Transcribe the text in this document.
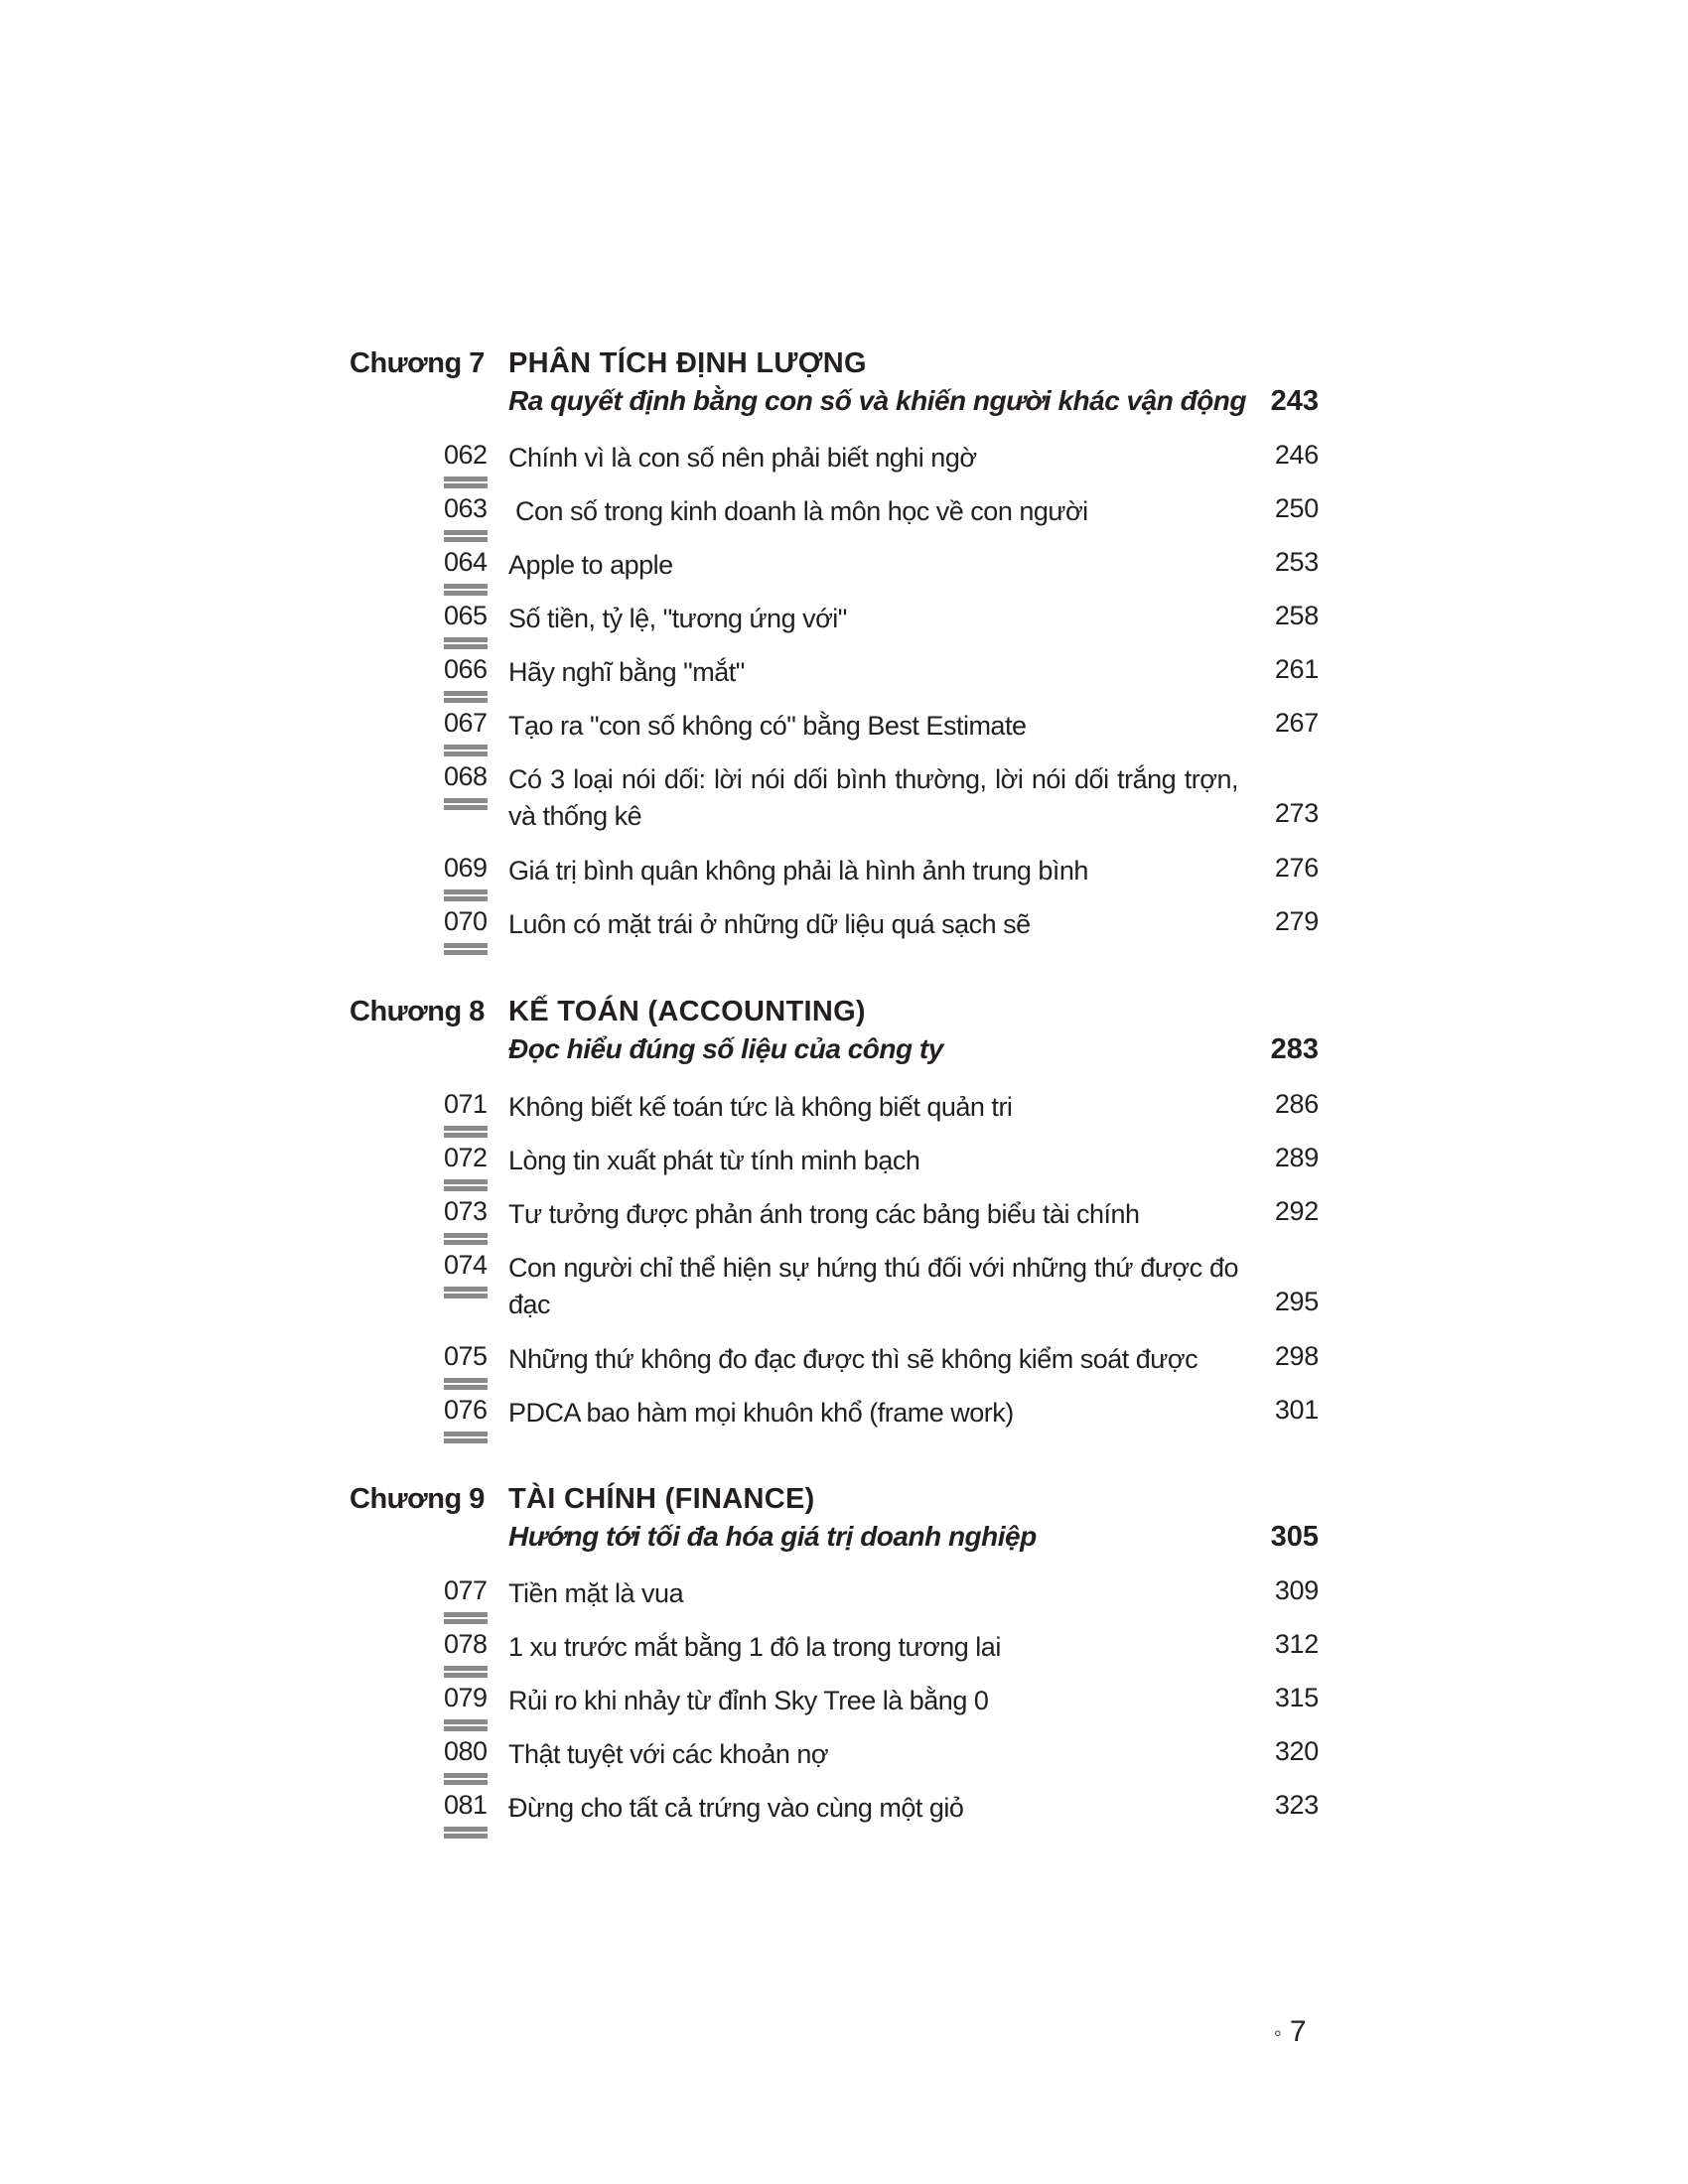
Chương 7 PHÂN TÍCH ĐỊNH LƯỢNG
Ra quyết định bằng con số và khiến người khác vận động 243
062 Chính vì là con số nên phải biết nghi ngờ	246
063 Con số trong kinh doanh là môn học về con người	250
064 Apple to apple	253
065 Số tiền, tỷ lệ, "tương ứng với"	258
066 Hãy nghĩ bằng "mắt"	261
067 Tạo ra "con số không có" bằng Best Estimate	267
068 Có 3 loại nói dối: lời nói dối bình thường, lời nói dối trắng trợn, và thống kê	273
069 Giá trị bình quân không phải là hình ảnh trung bình	276
070 Luôn có mặt trái ở những dữ liệu quá sạch sẽ	279
Chương 8 KẾ TOÁN (ACCOUNTING)
Đọc hiểu đúng số liệu của công ty	283
071 Không biết kế toán tức là không biết quản tri	286
072 Lòng tin xuất phát từ tính minh bạch	289
073 Tư tưởng được phản ánh trong các bảng biểu tài chính	292
074 Con người chỉ thể hiện sự hứng thú đối với những thứ được đo đạc	295
075 Những thứ không đo đạc được thì sẽ không kiểm soát được	298
076 PDCA bao hàm mọi khuôn khổ (frame work)	301
Chương 9 TÀI CHÍNH (FINANCE)
Hướng tới tối đa hóa giá trị doanh nghiệp	305
077 Tiền mặt là vua	309
078 1 xu trước mắt bằng 1 đô la trong tương lai	312
079 Rủi ro khi nhảy từ đỉnh Sky Tree là bằng 0	315
080 Thật tuyệt với các khoản nợ	320
081 Đừng cho tất cả trứng vào cùng một giỏ	323
◦ 7
